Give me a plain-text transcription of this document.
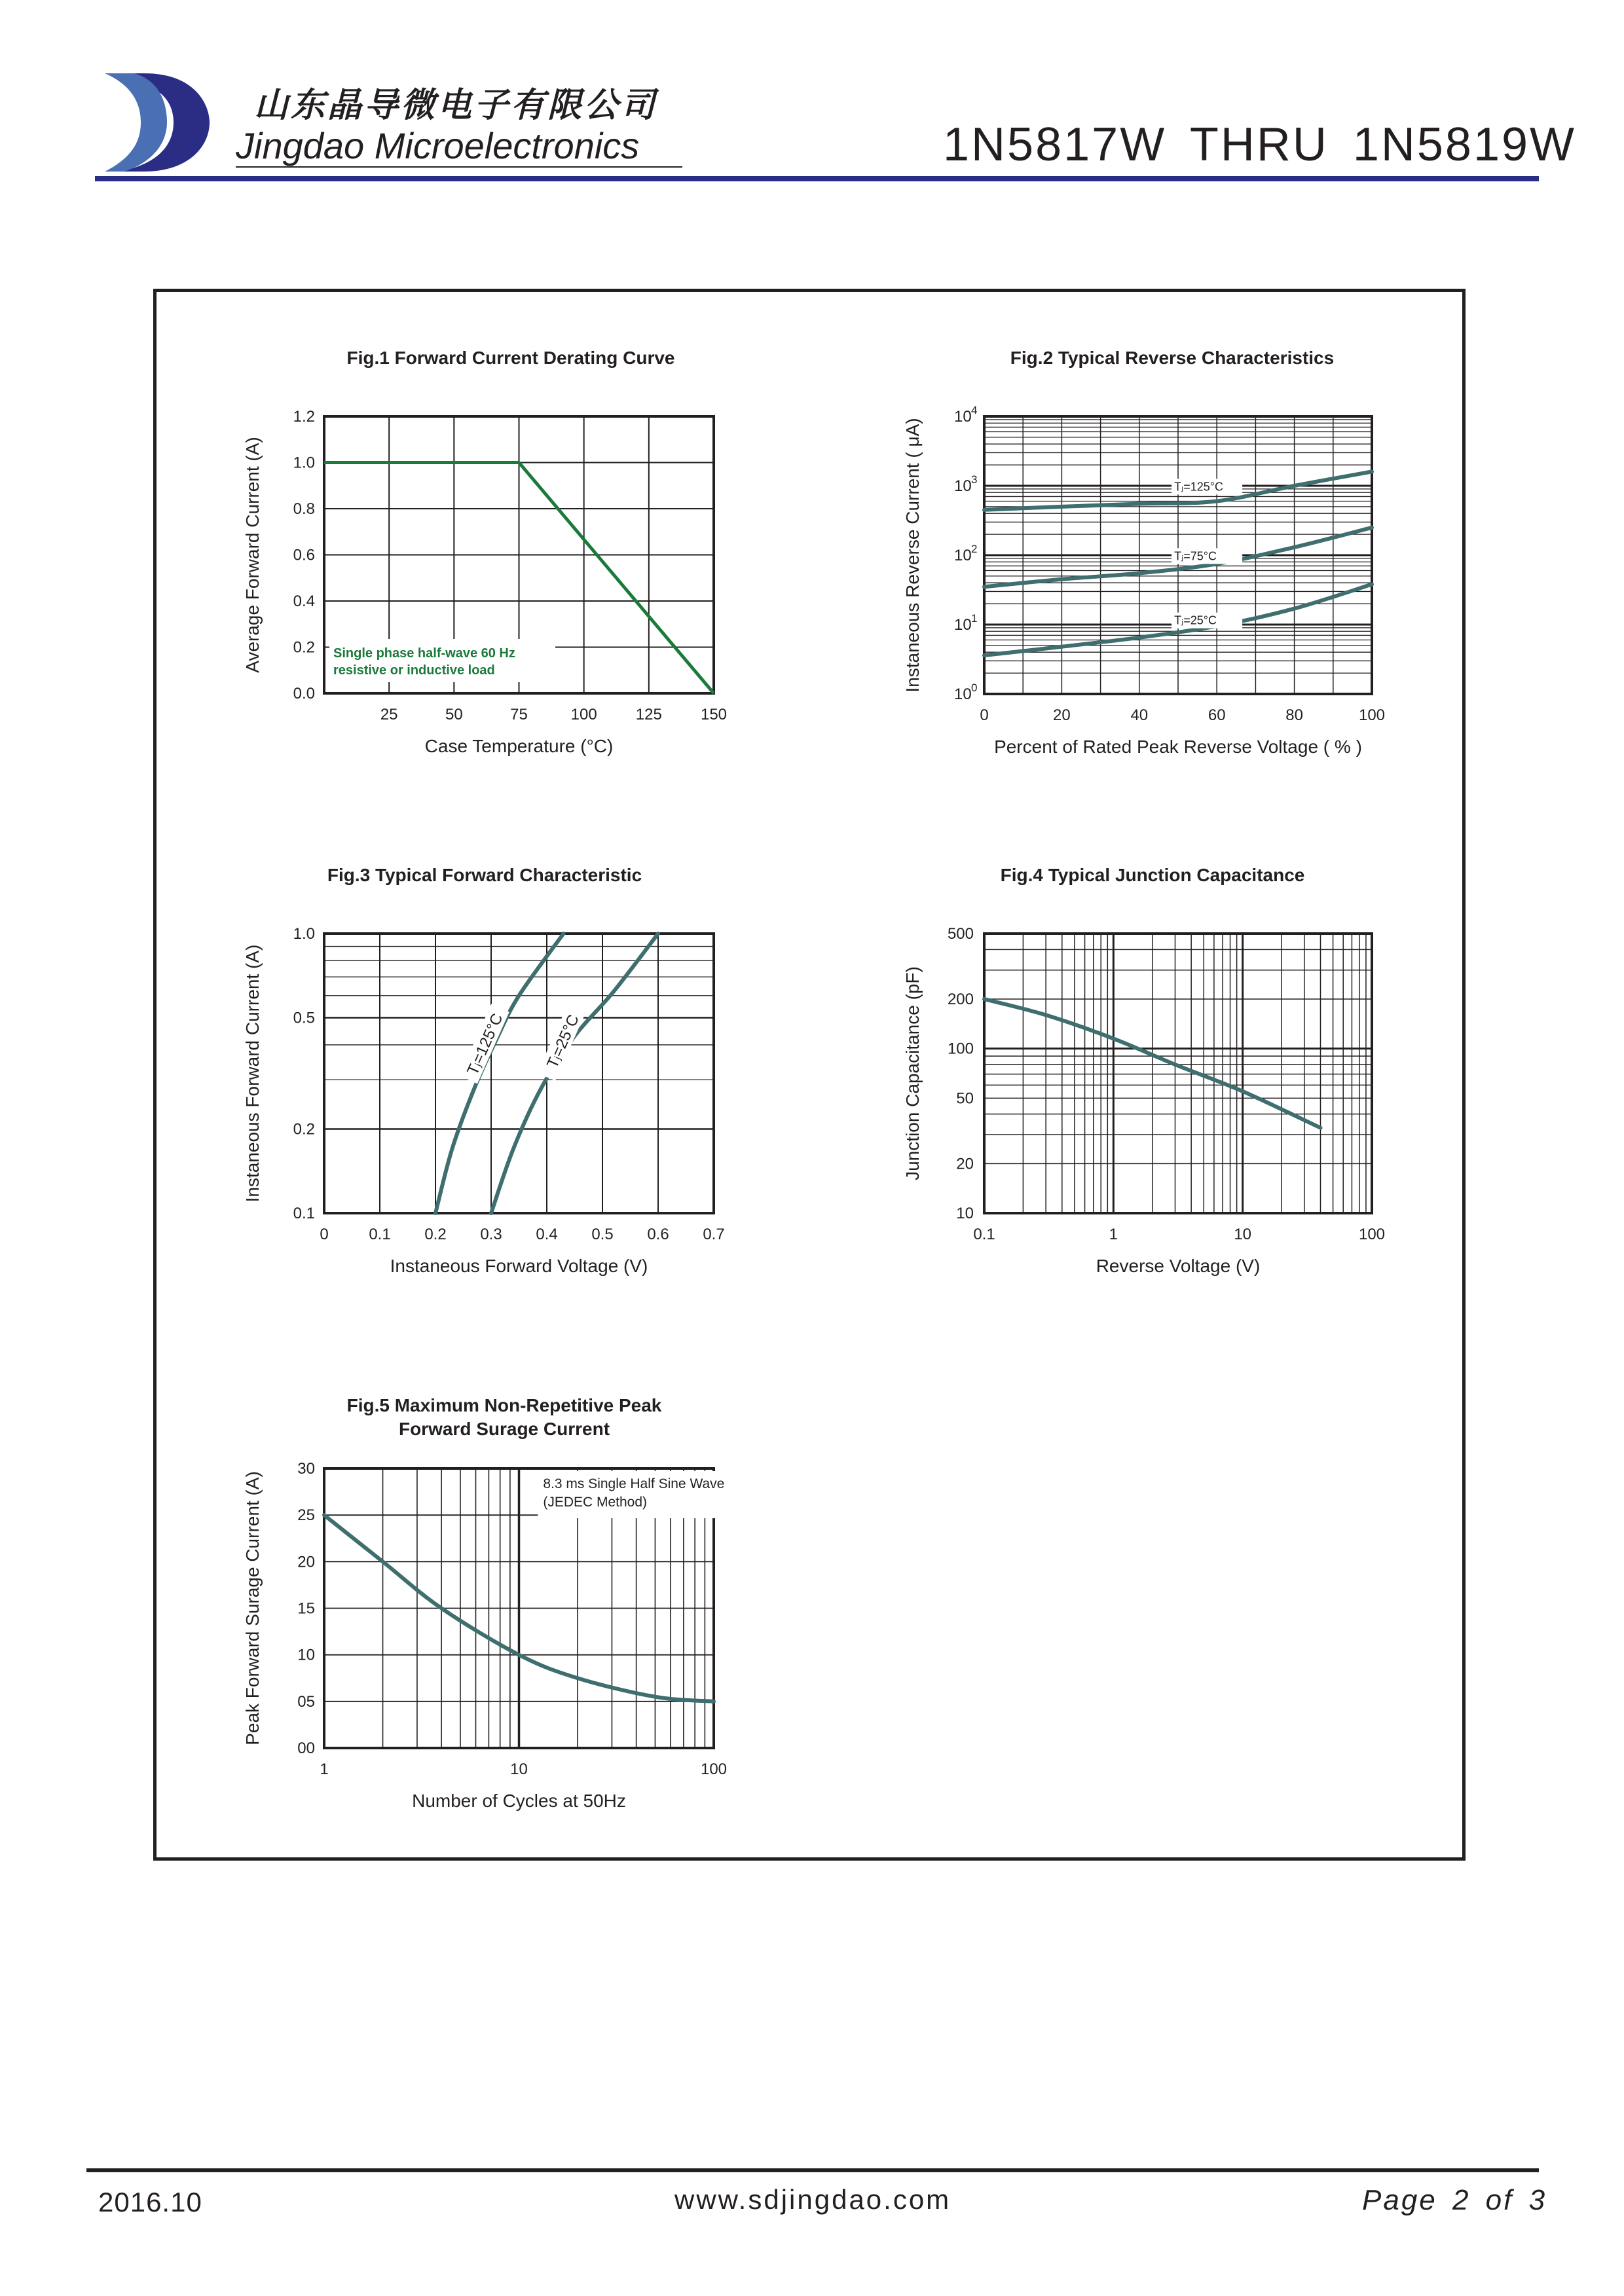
山东晶导微电子有限公司
Jingdao Microelectronics	1N5817W THRU 1N5819W
Fig.1 Forward Current Derating Curve
25	50	75	100 125 150
0.0
0.2
0.4
0.6
0.8
1.0
1.2
Single phase half-wave 60 Hz
resistive or inductive load
Case Temperature (°C)
Average Forward Current (A)
Fig.2 Typical Reverse Characteristics
0	20	40	60	80	100
10 0
10 1
10 2
10 3
10 4
Tⱼ=125°C
Tⱼ=75°C
Tⱼ=25°C
Percent of Rated Peak Reverse Voltage ( % )
Instaneous Reverse Current ( μA)
Fig.3 Typical Forward Characteristic
0	0.1 0.2 0.3 0.4 0.5 0.6 0.7
0.1
0.2
0.5
1.0
Tⱼ=125°C Tⱼ=25°C
Instaneous Forward Voltage (V)
Instaneous Forward Current (A)
Fig.4 Typical Junction Capacitance
0.1	1	10	100
10
20
50
100
200
500
Reverse Voltage (V)
Junction Capacitance (pF)
Fig.5 Maximum Non-Repetitive Peak
Forward Surage Current
1	10	100
00
05
10
15
20
25
30
8.3 ms Single Half Sine Wave
(JEDEC Method)
Number of Cycles at 50Hz
Peak Forward Surage Current (A)
2016.10	www.sdjingdao.com	Page 2 of 3
